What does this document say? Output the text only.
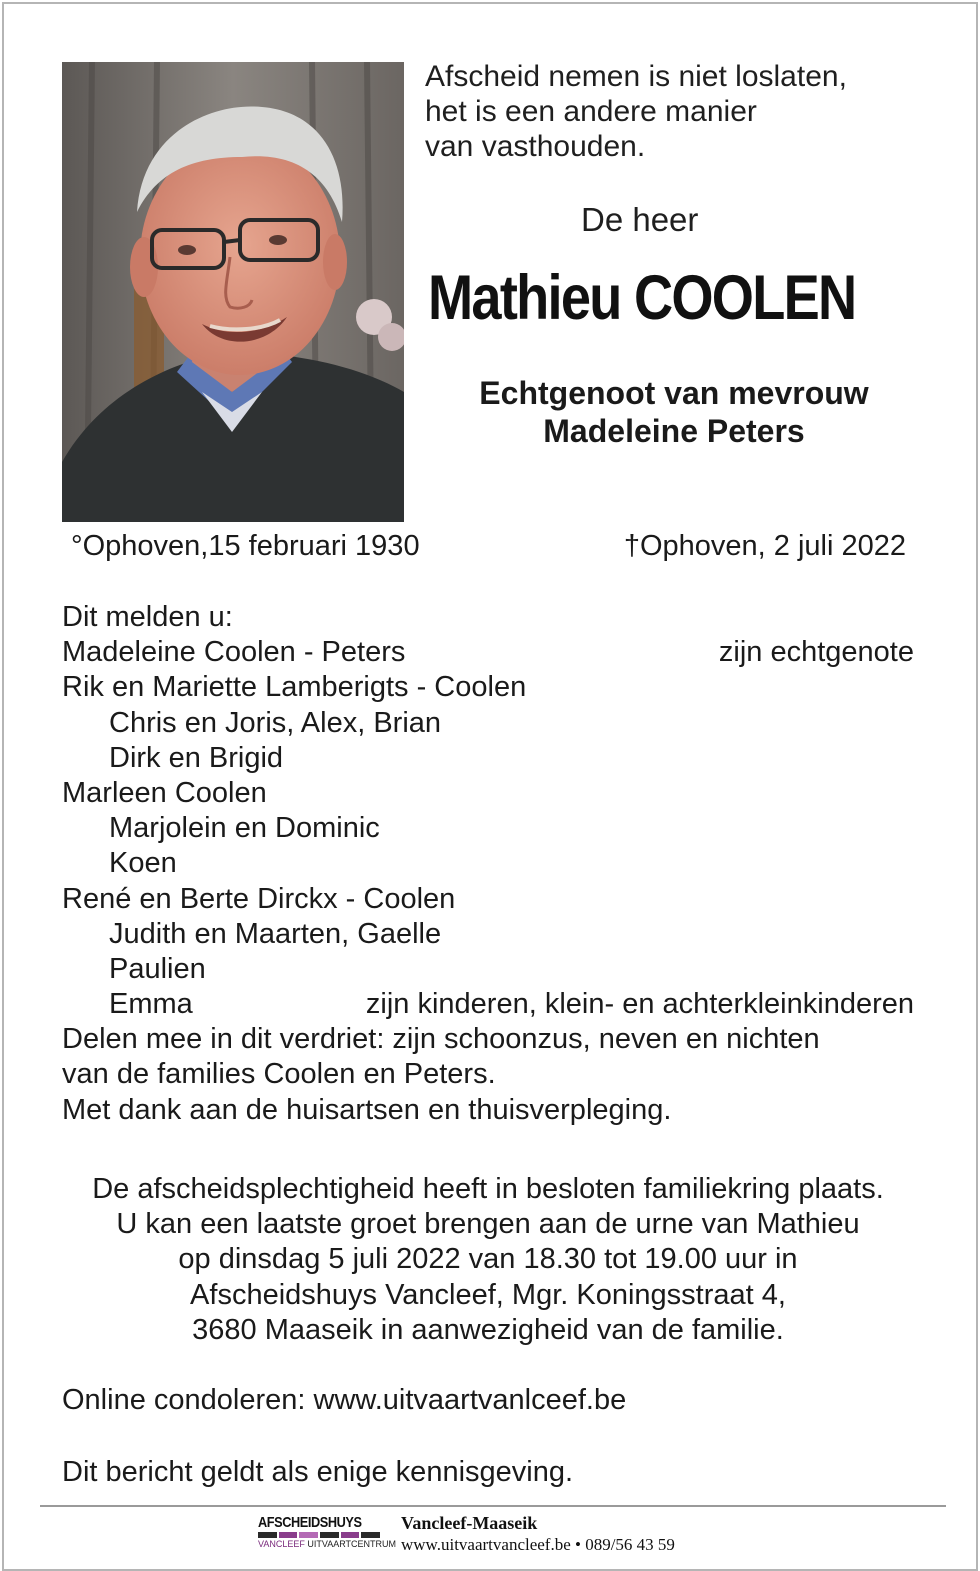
Afscheid nemen is niet loslaten,
het is een andere manier
van vasthouden.
De heer
Mathieu COOLEN
Echtgenoot van mevrouw
Madeleine Peters
°Ophoven,15 februari 1930	†Ophoven, 2 juli 2022
Dit melden u:
Madeleine Coolen - Peters	zijn echtgenote
Rik en Mariette Lamberigts - Coolen
Chris en Joris, Alex, Brian
Dirk en Brigid
Marleen Coolen
Marjolein en Dominic
Koen
René en Berte Dirckx - Coolen
Judith en Maarten, Gaelle
Paulien
Emma	zijn kinderen, klein- en achterkleinkinderen
Delen mee in dit verdriet: zijn schoonzus, neven en nichten
van de families Coolen en Peters.
Met dank aan de huisartsen en thuisverpleging.
De afscheidsplechtigheid heeft in besloten familiekring plaats.
U kan een laatste groet brengen aan de urne van Mathieu
op dinsdag 5 juli 2022 van 18.30 tot 19.00 uur in
Afscheidshuys Vancleef, Mgr. Koningsstraat 4,
3680 Maaseik in aanwezigheid van de familie.
Online condoleren: www.uitvaartvanlceef.be
Dit bericht geldt als enige kennisgeving.
AFSCHEIDSHUYS
VANCLEEF UITVAARTCENTRUM
Vancleef-Maaseik
www.uitvaartvancleef.be • 089/56 43 59
